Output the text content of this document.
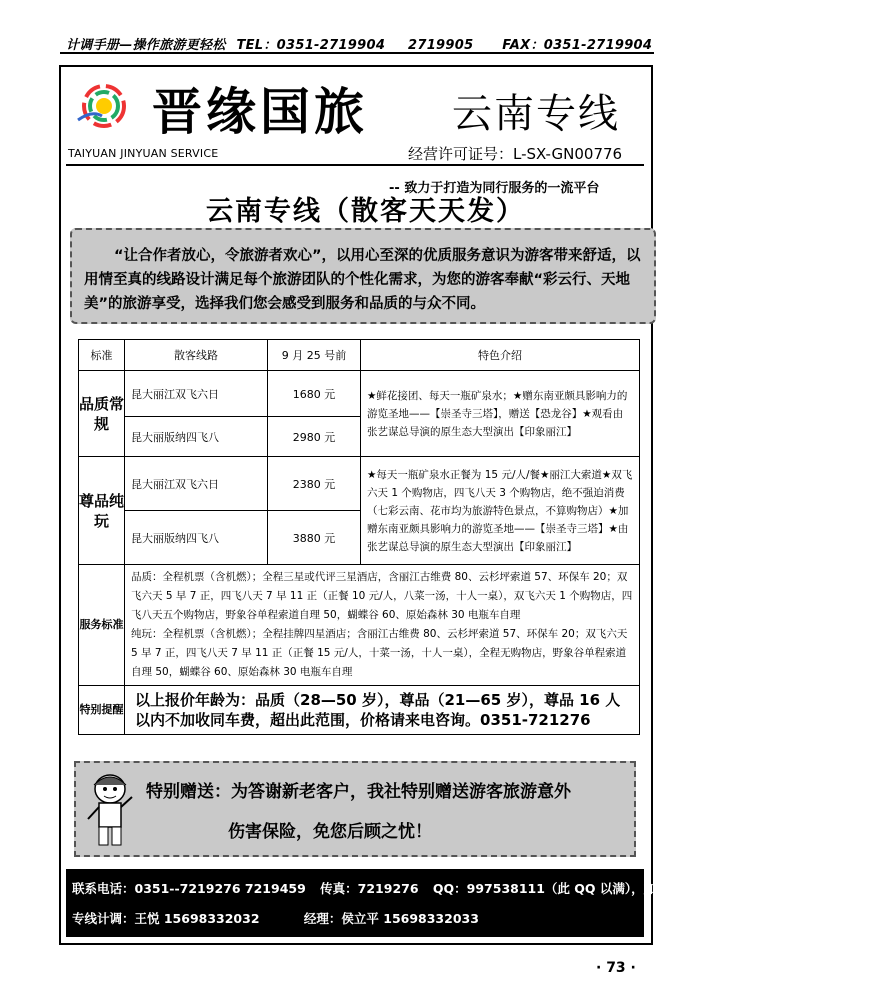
计调手册—操作旅游更轻松 TEL：0351-2719904 2719905 FAX：0351-2719904
晋缘国旅 云南专线
TAIYUAN JINYUAN SERVICE	经营许可证号：L-SX-GN00776
-- 致力于打造为同行服务的一流平台
云南专线（散客天天发）

“让合作者放心，令旅游者欢心”，以用心至深的优质服务意识为游客带来舒适，以用情至真的线路设计满足每个旅游团队的个性化需求，为您的游客奉献“彩云行、天地美”的旅游享受，选择我们您会感受到服务和品质的与众不同。

标准	散客线路	9 月 25 号前	特色介绍
品质常规	昆大丽江双飞六日	1680 元	★鲜花接团、每天一瓶矿泉水；★赠东南亚颇具影响力的游览圣地——【崇圣寺三塔】，赠送【恐龙谷】★观看由张艺谋总导演的原生态大型演出【印象丽江】
	昆大丽版纳四飞八	2980 元	
尊品纯玩	昆大丽江双飞六日	2380 元	★每天一瓶矿泉水正餐为 15 元/人/餐★丽江大索道★双飞六天 1 个购物店，四飞八天 3 个购物店，绝不强迫消费（七彩云南、花市均为旅游特色景点，不算购物店）★加赠东南亚颇具影响力的游览圣地——【崇圣寺三塔】★由张艺谋总导演的原生态大型演出【印象丽江】
	昆大丽版纳四飞八	3880 元	
服务标准	品质：全程机票（含机燃）；全程三星或代评三星酒店，含丽江古维费 80、云杉坪索道 57、环保车 20；双飞六天 5 早 7 正，四飞八天 7 早 11 正（正餐 10 元/人，八菜一汤，十人一桌），双飞六天 1 个购物店，四飞八天五个购物店，野象谷单程索道自理 50，蝴蝶谷 60、原始森林 30 电瓶车自理
纯玩：全程机票（含机燃）；全程挂牌四星酒店；含丽江古维费 80、云杉坪索道 57、环保车 20；双飞六天 5 早 7 正，四飞八天 7 早 11 正（正餐 15 元/人，十菜一汤，十人一桌），全程无购物店，野象谷单程索道自理 50，蝴蝶谷 60、原始森林 30 电瓶车自理		

特别提醒	以上报价年龄为：品质（28—50 岁），尊品（21—65 岁），尊品 16 人以内不加收同车费，超出此范围，价格请来电咨询。0351-721276		
特别赠送：为答谢新老客户，我社特别赠送游客旅游意外
伤害保险，免您后顾之忧！
联系电话：0351--7219276 7219459 传真：7219276 QQ：997538111（此 QQ 以满），加新 QQ：1921946179 2248343829
专线计调：王悦 15698332032	经理：侯立平 15698332033
· 73 ·
